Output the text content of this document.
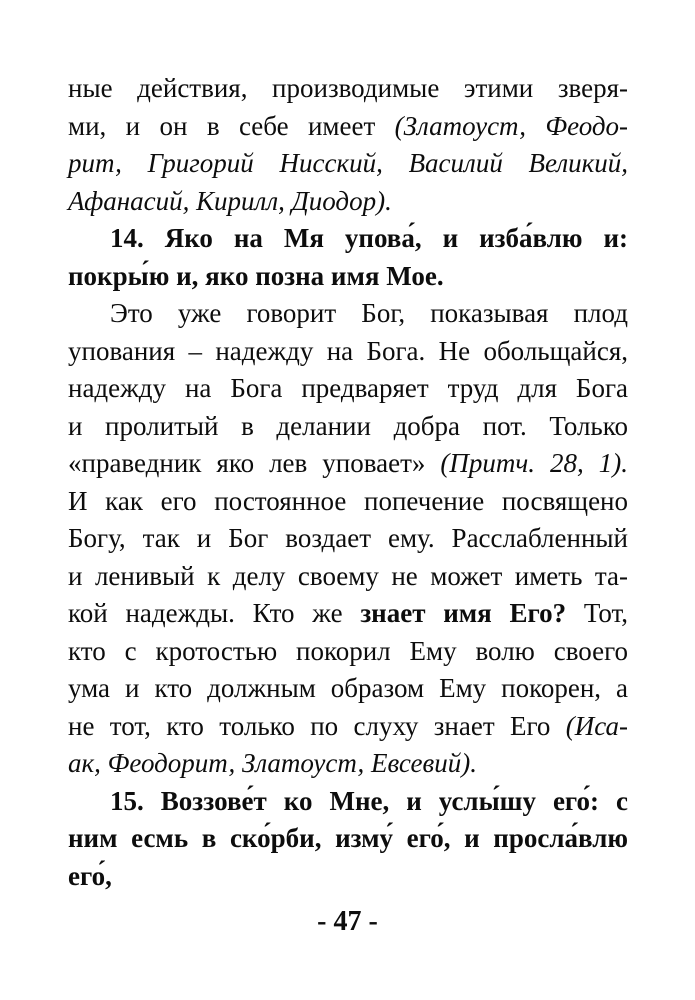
ные действия, производимые этими зверя-
ми, и он в себе имеет (Златоуст, Феодо-
рит, Григорий Нисский, Василий Великий,
Афанасий, Кирилл, Диодор).
14. Яко на Мя упова́, и изба́влю и:
покры́ю и, яко позна имя Мое.
Это уже говорит Бог, показывая плод
упования – надежду на Бога. Не обольщайся,
надежду на Бога предваряет труд для Бога
и пролитый в делании добра пот. Только
«праведник яко лев уповает» (Притч. 28, 1).
И как его постоянное попечение посвящено
Богу, так и Бог воздает ему. Расслабленный
и ленивый к делу своему не может иметь та-
кой надежды. Кто же знает имя Его? Тот,
кто с кротостью покорил Ему волю своего
ума и кто должным образом Ему покорен, а
не тот, кто только по слуху знает Его (Иса-
ак, Феодорит, Златоуст, Евсевий).
15. Воззове́т ко Мне, и услы́шу его́: с
ним есмь в ско́рби, изму́ его́, и просла́влю
его́,
- 47 -
